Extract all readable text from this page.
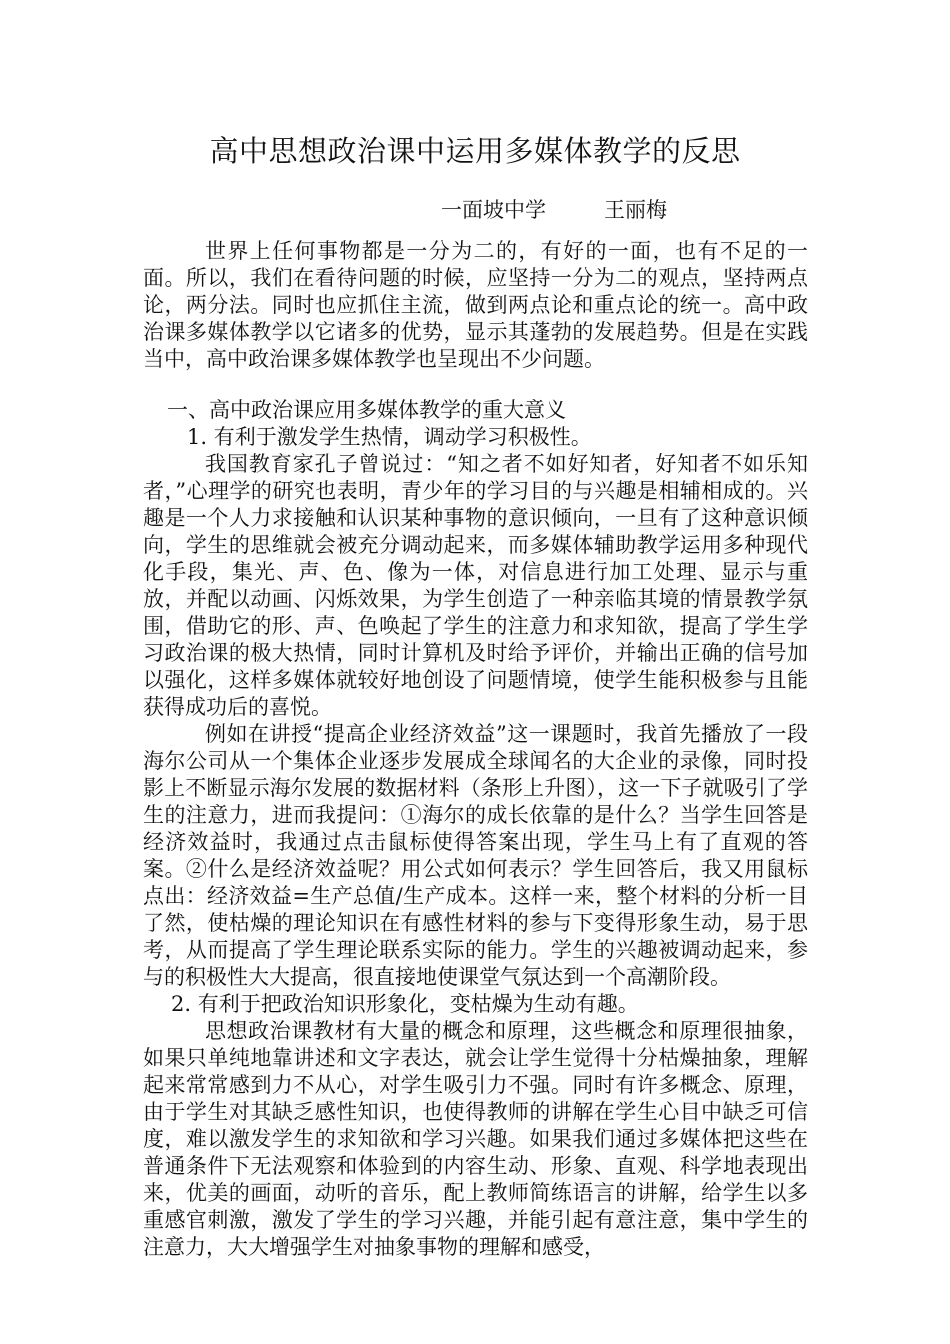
高中思想政治课中运用多媒体教学的反思
一面坡中学	王丽梅

世界上任何事物都是一分为二的，有好的一面，也有不足的一面。所以，我们在看待问题的时候，应坚持一分为二的观点，坚持两点论，两分法。同时也应抓住主流，做到两点论和重点论的统一。高中政治课多媒体教学以它诸多的优势，显示其蓬勃的发展趋势。但是在实践当中，高中政治课多媒体教学也呈现出不少问题。

一、高中政治课应用多媒体教学的重大意义

1. 有利于激发学生热情，调动学习积极性。

我国教育家孔子曾说过：“知之者不如好知者，好知者不如乐知者，”心理学的研究也表明，青少年的学习目的与兴趣是相辅相成的。兴趣是一个人力求接触和认识某种事物的意识倾向，一旦有了这种意识倾向，学生的思维就会被充分调动起来，而多媒体辅助教学运用多种现代化手段，集光、声、色、像为一体，对信息进行加工处理、显示与重放，并配以动画、闪烁效果，为学生创造了一种亲临其境的情景教学氛围，借助它的形、声、色唤起了学生的注意力和求知欲，提高了学生学习政治课的极大热情，同时计算机及时给予评价，并输出正确的信号加以强化，这样多媒体就较好地创设了问题情境，使学生能积极参与且能获得成功后的喜悦。

例如在讲授“提高企业经济效益”这一课题时，我首先播放了一段海尔公司从一个集体企业逐步发展成全球闻名的大企业的录像，同时投影上不断显示海尔发展的数据材料（条形上升图），这一下子就吸引了学生的注意力，进而我提问：①海尔的成长依靠的是什么？当学生回答是经济效益时，我通过点击鼠标使得答案出现，学生马上有了直观的答案。②什么是经济效益呢？用公式如何表示？学生回答后，我又用鼠标点出：经济效益=生产总值/生产成本。这样一来，整个材料的分析一目了然，使枯燥的理论知识在有感性材料的参与下变得形象生动，易于思考，从而提高了学生理论联系实际的能力。学生的兴趣被调动起来，参与的积极性大大提高，很直接地使课堂气氛达到一个高潮阶段。

2. 有利于把政治知识形象化，变枯燥为生动有趣。

思想政治课教材有大量的概念和原理，这些概念和原理很抽象，如果只单纯地靠讲述和文字表达，就会让学生觉得十分枯燥抽象，理解起来常常感到力不从心，对学生吸引力不强。同时有许多概念、原理，由于学生对其缺乏感性知识，也使得教师的讲解在学生心目中缺乏可信度，难以激发学生的求知欲和学习兴趣。如果我们通过多媒体把这些在普通条件下无法观察和体验到的内容生动、形象、直观、科学地表现出来，优美的画面，动听的音乐，配上教师简练语言的讲解，给学生以多重感官刺激，激发了学生的学习兴趣，并能引起有意注意，集中学生的注意力，大大增强学生对抽象事物的理解和感受，
